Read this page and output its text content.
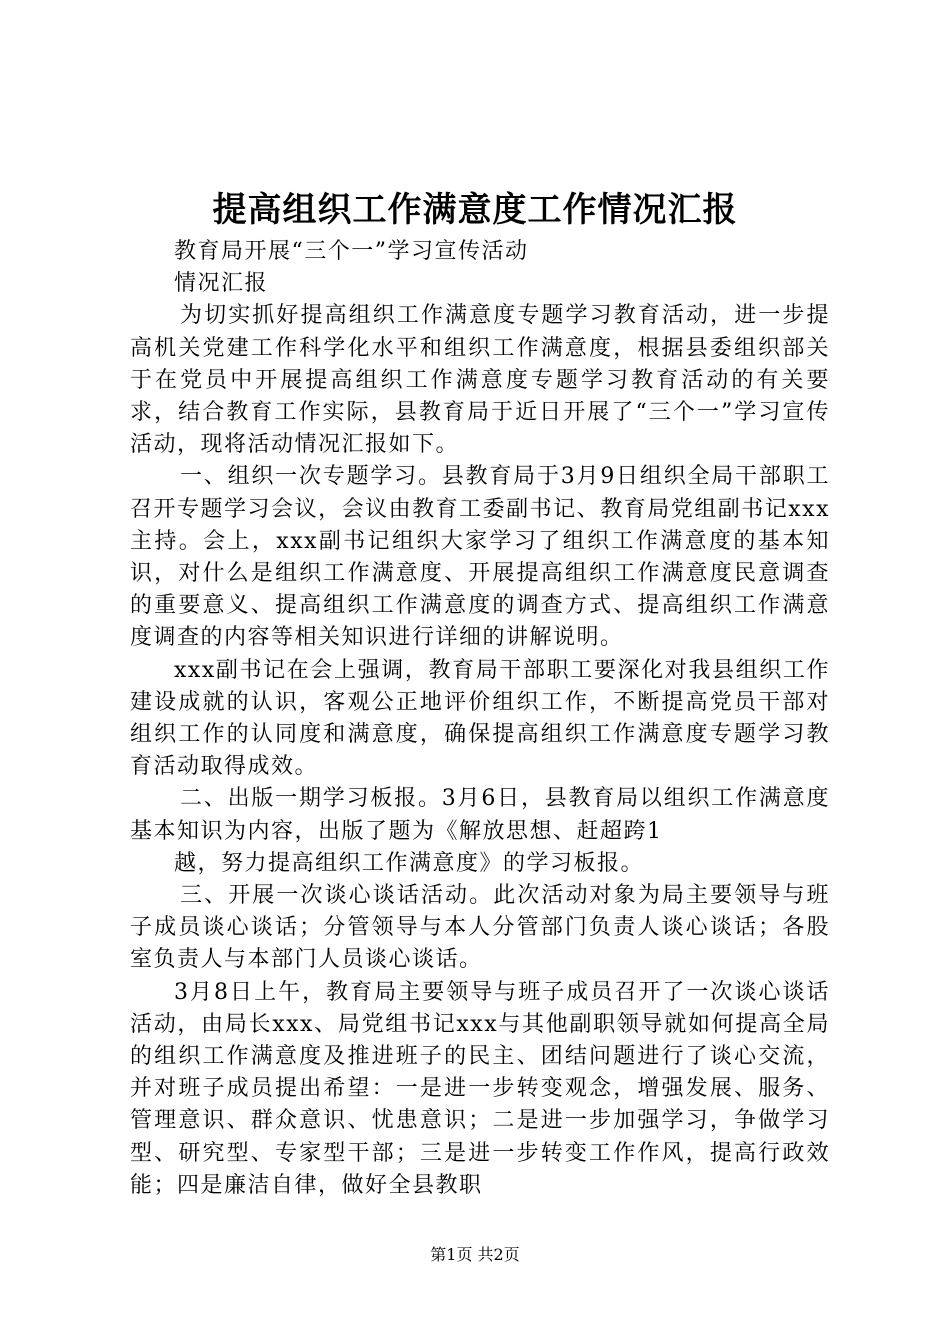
提高组织工作满意度工作情况汇报

教育局开展“三个一”学习宣传活动

情况汇报

为切实抓好提高组织工作满意度专题学习教育活动，进一步提高机关党建工作科学化水平和组织工作满意度，根据县委组织部关于在党员中开展提高组织工作满意度专题学习教育活动的有关要求，结合教育工作实际，县教育局于近日开展了“三个一”学习宣传活动，现将活动情况汇报如下。

一、组织一次专题学习。县教育局于3月9日组织全局干部职工召开专题学习会议，会议由教育工委副书记、教育局党组副书记xxx主持。会上，xxx副书记组织大家学习了组织工作满意度的基本知识，对什么是组织工作满意度、开展提高组织工作满意度民意调查的重要意义、提高组织工作满意度的调查方式、提高组织工作满意度调查的内容等相关知识进行详细的讲解说明。

xxx副书记在会上强调，教育局干部职工要深化对我县组织工作建设成就的认识，客观公正地评价组织工作，不断提高党员干部对组织工作的认同度和满意度，确保提高组织工作满意度专题学习教育活动取得成效。

二、出版一期学习板报。3月6日，县教育局以组织工作满意度基本知识为内容，出版了题为《解放思想、赶超跨1

越，努力提高组织工作满意度》的学习板报。

三、开展一次谈心谈话活动。此次活动对象为局主要领导与班子成员谈心谈话；分管领导与本人分管部门负责人谈心谈话；各股室负责人与本部门人员谈心谈话。

3月8日上午，教育局主要领导与班子成员召开了一次谈心谈话活动，由局长xxx、局党组书记xxx与其他副职领导就如何提高全局的组织工作满意度及推进班子的民主、团结问题进行了谈心交流，并对班子成员提出希望：一是进一步转变观念，增强发展、服务、管理意识、群众意识、忧患意识；二是进一步加强学习，争做学习型、研究型、专家型干部；三是进一步转变工作作风，提高行政效能；四是廉洁自律，做好全县教职

第1页 共2页
